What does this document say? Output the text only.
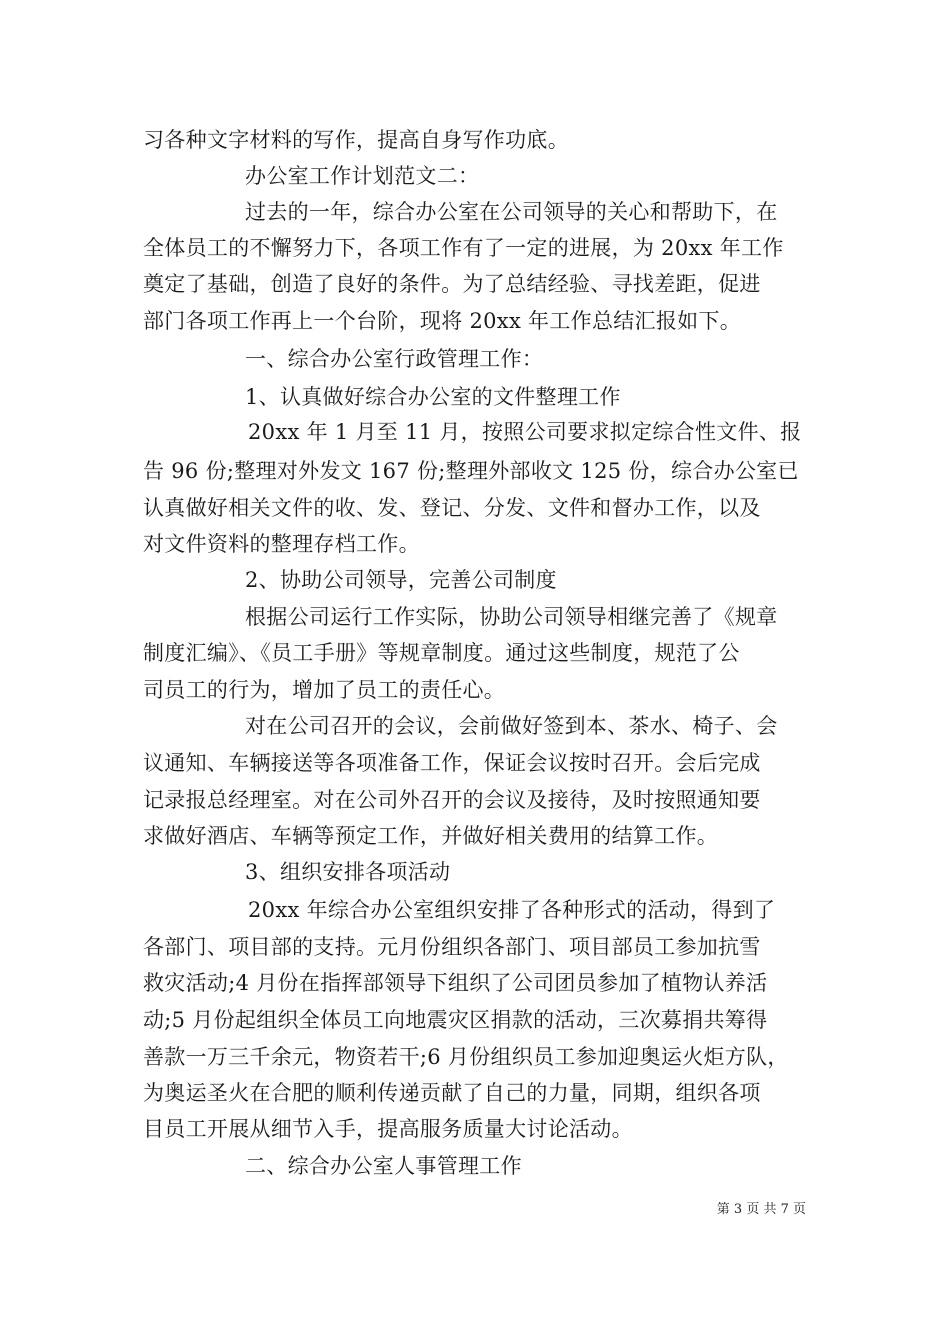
习各种文字材料的写作，提高自身写作功底。
办公室工作计划范文二：
过去的一年，综合办公室在公司领导的关心和帮助下，在
全体员工的不懈努力下，各项工作有了一定的进展，为 20xx 年工作
奠定了基础，创造了良好的条件。为了总结经验、寻找差距，促进
部门各项工作再上一个台阶，现将 20xx 年工作总结汇报如下。
一、综合办公室行政管理工作：
1、认真做好综合办公室的文件整理工作
20xx 年 1 月至 11 月，按照公司要求拟定综合性文件、报
告 96 份;整理对外发文 167 份;整理外部收文 125 份，综合办公室已
认真做好相关文件的收、发、登记、分发、文件和督办工作，以及
对文件资料的整理存档工作。
2、协助公司领导，完善公司制度
根据公司运行工作实际，协助公司领导相继完善了《规章
制度汇编》、《员工手册》等规章制度。通过这些制度，规范了公
司员工的行为，增加了员工的责任心。
对在公司召开的会议，会前做好签到本、茶水、椅子、会
议通知、车辆接送等各项准备工作，保证会议按时召开。会后完成
记录报总经理室。对在公司外召开的会议及接待，及时按照通知要
求做好酒店、车辆等预定工作，并做好相关费用的结算工作。
3、组织安排各项活动
20xx 年综合办公室组织安排了各种形式的活动，得到了
各部门、项目部的支持。元月份组织各部门、项目部员工参加抗雪
救灾活动;4 月份在指挥部领导下组织了公司团员参加了植物认养活
动;5 月份起组织全体员工向地震灾区捐款的活动，三次募捐共筹得
善款一万三千余元，物资若干;6 月份组织员工参加迎奥运火炬方队，
为奥运圣火在合肥的顺利传递贡献了自己的力量，同期，组织各项
目员工开展从细节入手，提高服务质量大讨论活动。
二、综合办公室人事管理工作
第 3 页 共 7 页
